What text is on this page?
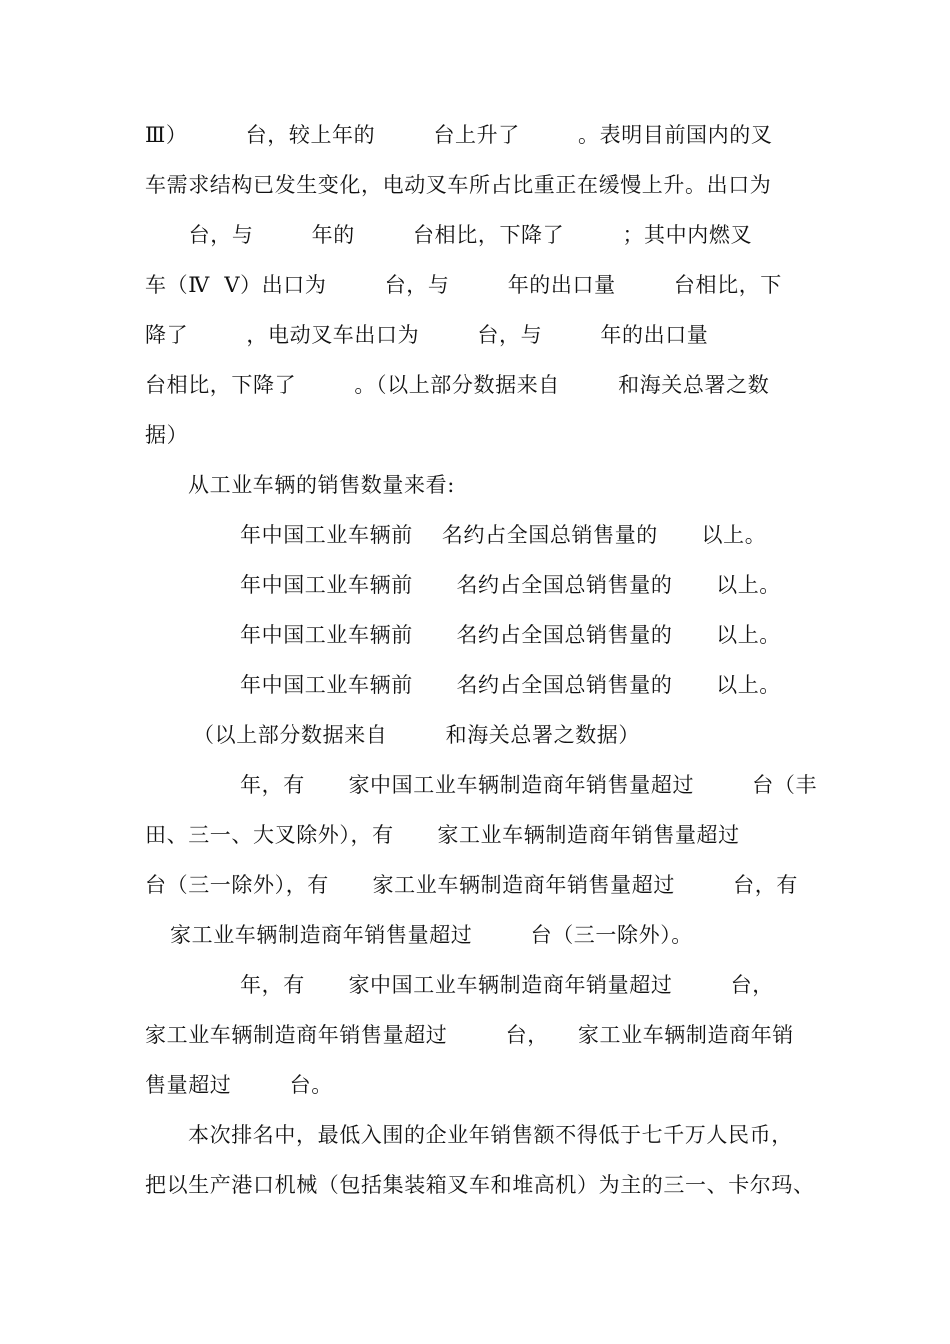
Ⅲ）        台，较上年的        台上升了        。表明目前国内的叉

车需求结构已发生变化，电动叉车所占比重正在缓慢上升。出口为

台，与        年的        台相比，下降了        ；其中内燃叉

车（Ⅳ  Ⅴ）出口为        台，与        年的出口量        台相比，下

降了        ，电动叉车出口为        台，与        年的出口量

台相比，下降了        。（以上部分数据来自        和海关总署之数

据）

从工业车辆的销售数量来看:

年中国工业车辆前    名约占全国总销售量的      以上。

年中国工业车辆前      名约占全国总销售量的      以上。

年中国工业车辆前      名约占全国总销售量的      以上。

年中国工业车辆前      名约占全国总销售量的      以上。

（以上部分数据来自        和海关总署之数据）

年，有      家中国工业车辆制造商年销售量超过        台（丰

田、三一、大叉除外），有      家工业车辆制造商年销售量超过

台（三一除外），有      家工业车辆制造商年销售量超过        台，有

家工业车辆制造商年销售量超过        台（三一除外）。

年，有      家中国工业车辆制造商年销量超过        台，

家工业车辆制造商年销售量超过        台，    家工业车辆制造商年销

售量超过        台。

本次排名中，最低入围的企业年销售额不得低于七千万人民币，

把以生产港口机械（包括集装箱叉车和堆高机）为主的三一、卡尔玛、
